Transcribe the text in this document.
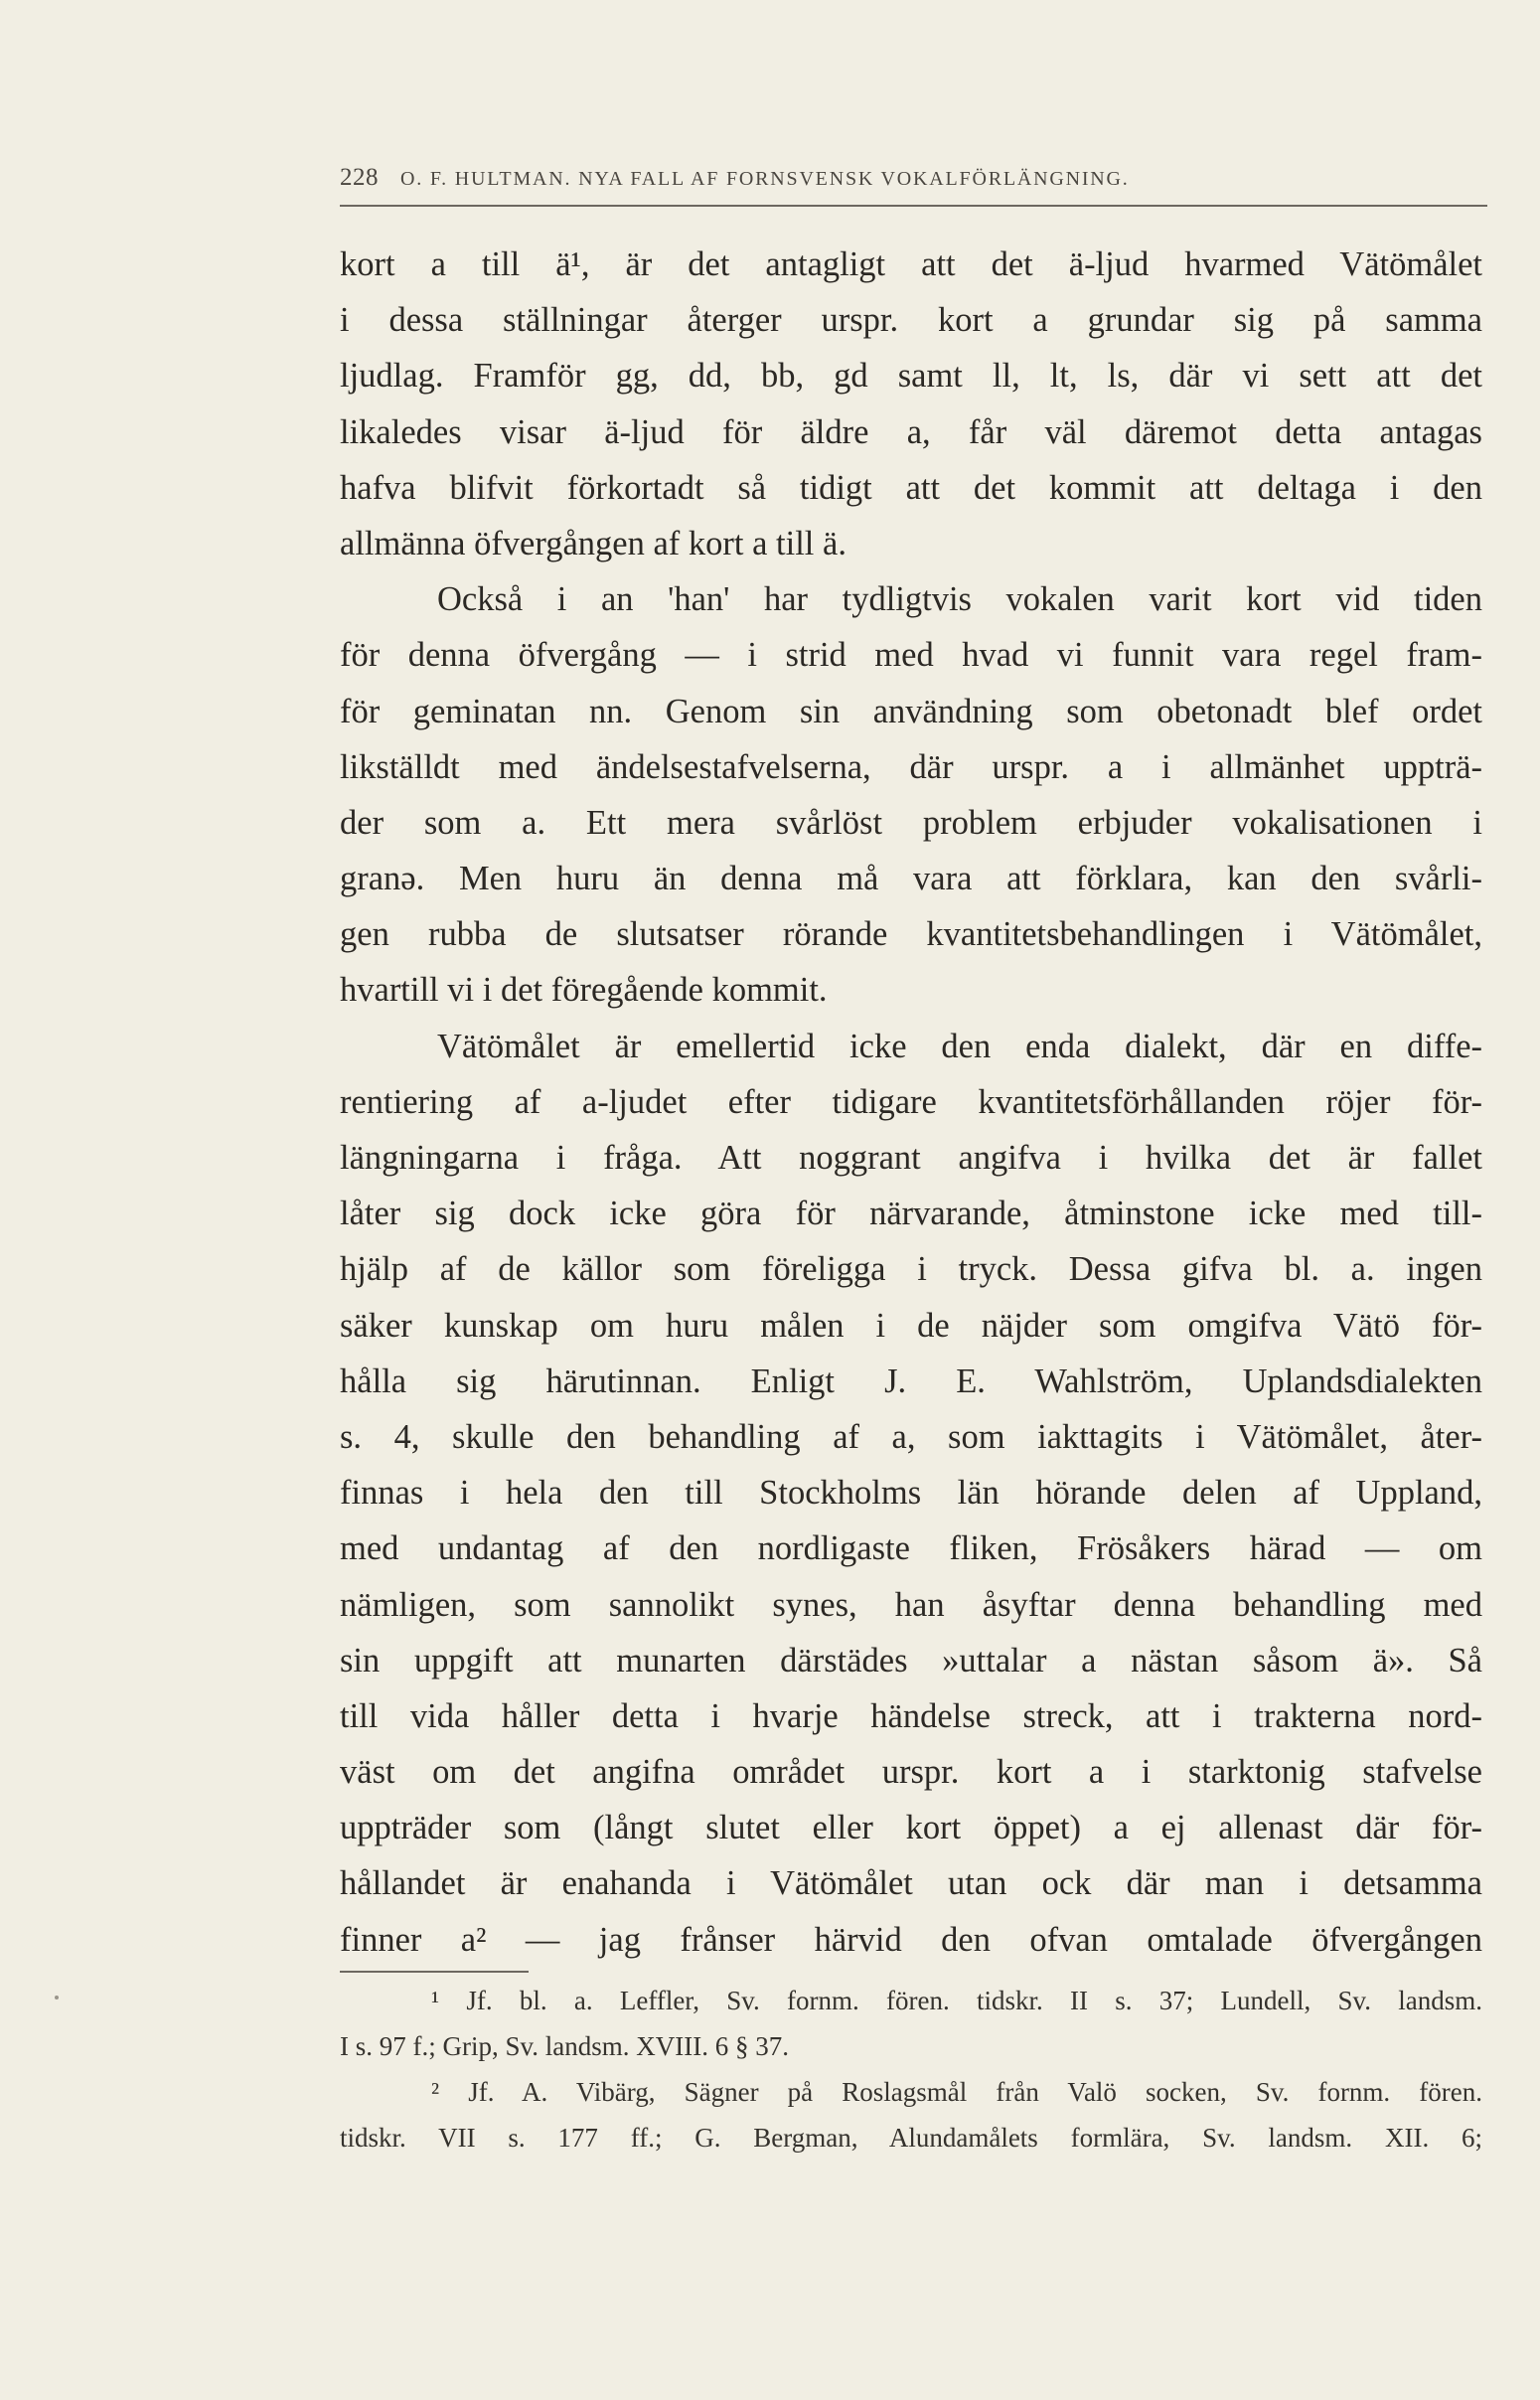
228 O. F. HULTMAN. NYA FALL AF FORNSVENSK VOKALFÖRLÄNGNING.
kort a till ä¹, är det antagligt att det ä-ljud hvarmed Vätömålet
i dessa ställningar återger urspr. kort a grundar sig på samma
ljudlag. Framför gg, dd, bb, gd samt ll, lt, ls, där vi sett att det
likaledes visar ä-ljud för äldre a, får väl däremot detta antagas
hafva blifvit förkortadt så tidigt att det kommit att deltaga i den
allmänna öfvergången af kort a till ä.
Också i an 'han' har tydligtvis vokalen varit kort vid tiden
för denna öfvergång — i strid med hvad vi funnit vara regel fram-
för geminatan nn. Genom sin användning som obetonadt blef ordet
likställdt med ändelsestafvelserna, där urspr. a i allmänhet uppträ-
der som a. Ett mera svårlöst problem erbjuder vokalisationen i
granə. Men huru än denna må vara att förklara, kan den svårli-
gen rubba de slutsatser rörande kvantitetsbehandlingen i Vätömålet,
hvartill vi i det föregående kommit.
Vätömålet är emellertid icke den enda dialekt, där en diffe-
rentiering af a-ljudet efter tidigare kvantitetsförhållanden röjer för-
längningarna i fråga. Att noggrant angifva i hvilka det är fallet
låter sig dock icke göra för närvarande, åtminstone icke med till-
hjälp af de källor som föreligga i tryck. Dessa gifva bl. a. ingen
säker kunskap om huru målen i de näjder som omgifva Vätö för-
hålla sig härutinnan. Enligt J. E. Wahlström, Uplandsdialekten
s. 4, skulle den behandling af a, som iakttagits i Vätömålet, åter-
finnas i hela den till Stockholms län hörande delen af Uppland,
med undantag af den nordligaste fliken, Frösåkers härad — om
nämligen, som sannolikt synes, han åsyftar denna behandling med
sin uppgift att munarten därstädes »uttalar a nästan såsom ä». Så
till vida håller detta i hvarje händelse streck, att i trakterna nord-
väst om det angifna området urspr. kort a i starktonig stafvelse
uppträder som (långt slutet eller kort öppet) a ej allenast där för-
hållandet är enahanda i Vätömålet utan ock där man i detsamma
finner a² — jag frånser härvid den ofvan omtalade öfvergången
¹ Jf. bl. a. Leffler, Sv. fornm. fören. tidskr. II s. 37; Lundell, Sv. landsm.
I s. 97 f.; Grip, Sv. landsm. XVIII. 6 § 37.
² Jf. A. Vibärg, Sägner på Roslagsmål från Valö socken, Sv. fornm. fören.
tidskr. VII s. 177 ff.; G. Bergman, Alundamålets formlära, Sv. landsm. XII. 6;
